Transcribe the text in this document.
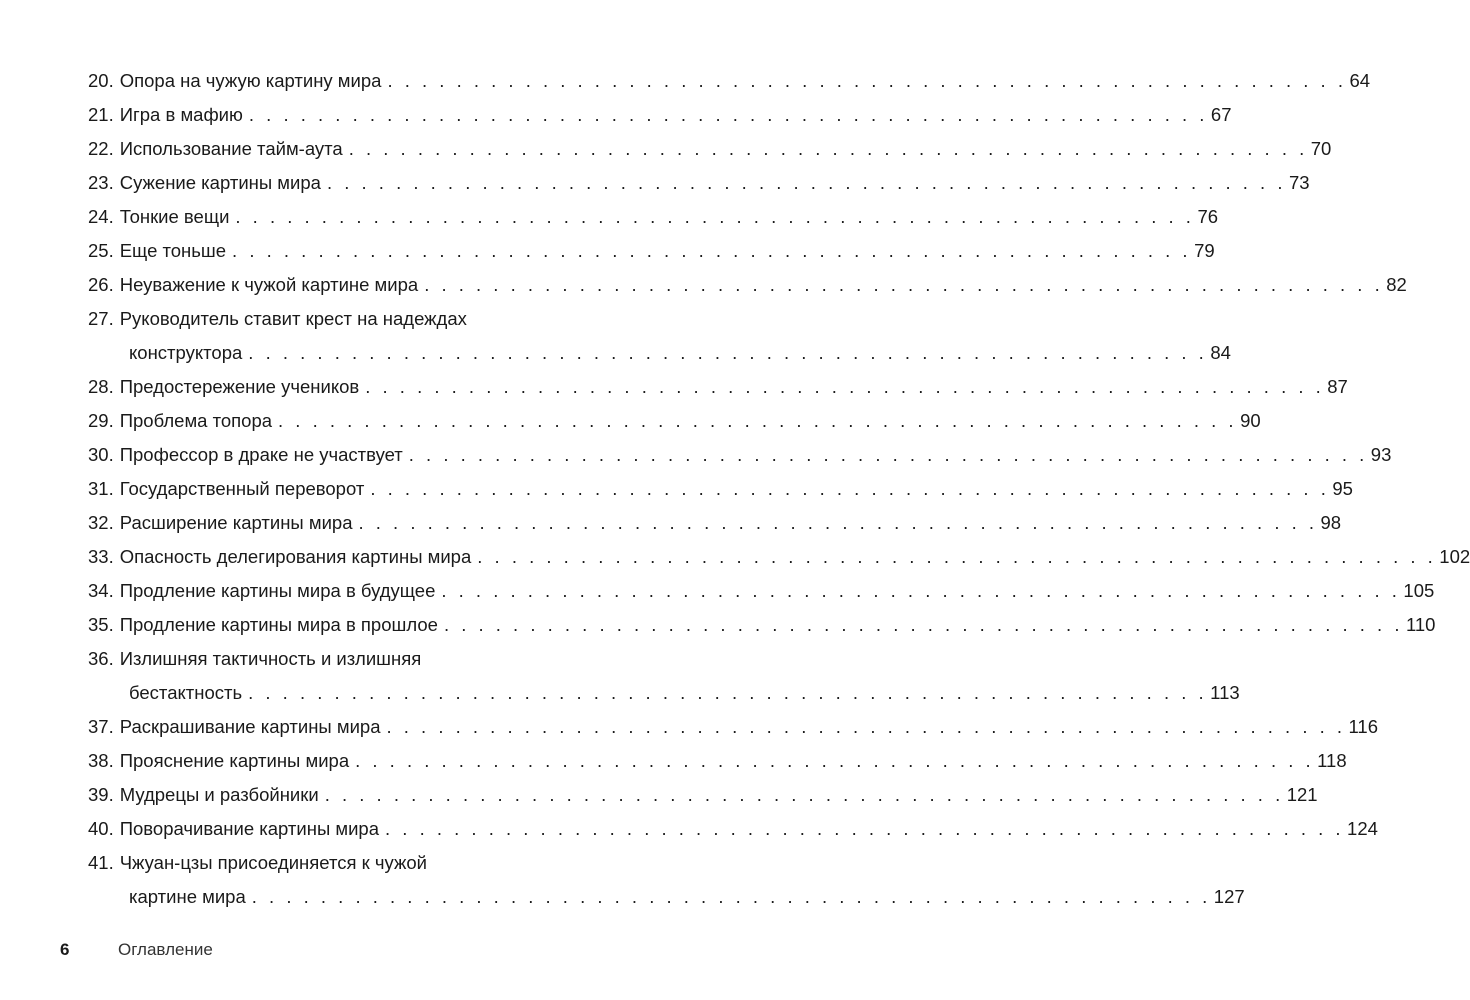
20. Опора на чужую картину мира . . . . . . . . . . . . . . . . . . . . . . . . . . . . . . . . . . . . . . . . . . . . . . . . . . . . . . . . 64
21. Игра в мафию . . . . . . . . . . . . . . . . . . . . . . . . . . . . . . . . . . . . . . . . . . . . . . . . . . . . . . . . 67
22. Использование тайм-аута . . . . . . . . . . . . . . . . . . . . . . . . . . . . . . . . . . . . . . . . . . . . . . . . . . . . . . . . 70
23. Сужение картины мира . . . . . . . . . . . . . . . . . . . . . . . . . . . . . . . . . . . . . . . . . . . . . . . . . . . . . . . . 73
24. Тонкие вещи . . . . . . . . . . . . . . . . . . . . . . . . . . . . . . . . . . . . . . . . . . . . . . . . . . . . . . . . 76
25. Еще тоньше . . . . . . . . . . . . . . . . . . . . . . . . . . . . . . . . . . . . . . . . . . . . . . . . . . . . . . . . 79
26. Неуважение к чужой картине мира . . . . . . . . . . . . . . . . . . . . . . . . . . . . . . . . . . . . . . . . . . . . . . . . . . . . . . . . 82
27. Руководитель ставит крест на надеждах
конструктора . . . . . . . . . . . . . . . . . . . . . . . . . . . . . . . . . . . . . . . . . . . . . . . . . . . . . . . . 84
28. Предостережение учеников . . . . . . . . . . . . . . . . . . . . . . . . . . . . . . . . . . . . . . . . . . . . . . . . . . . . . . . . 87
29. Проблема топора . . . . . . . . . . . . . . . . . . . . . . . . . . . . . . . . . . . . . . . . . . . . . . . . . . . . . . . . 90
30. Профессор в драке не участвует . . . . . . . . . . . . . . . . . . . . . . . . . . . . . . . . . . . . . . . . . . . . . . . . . . . . . . . . 93
31. Государственный переворот . . . . . . . . . . . . . . . . . . . . . . . . . . . . . . . . . . . . . . . . . . . . . . . . . . . . . . . . 95
32. Расширение картины мира . . . . . . . . . . . . . . . . . . . . . . . . . . . . . . . . . . . . . . . . . . . . . . . . . . . . . . . . 98
33. Опасность делегирования картины мира . . . . . . . . . . . . . . . . . . . . . . . . . . . . . . . . . . . . . . . . . . . . . . . . . . . . . . . . 102
34. Продление картины мира в будущее . . . . . . . . . . . . . . . . . . . . . . . . . . . . . . . . . . . . . . . . . . . . . . . . . . . . . . . . 105
35. Продление картины мира в прошлое . . . . . . . . . . . . . . . . . . . . . . . . . . . . . . . . . . . . . . . . . . . . . . . . . . . . . . . . 110
36. Излишняя тактичность и излишняя
бестактность . . . . . . . . . . . . . . . . . . . . . . . . . . . . . . . . . . . . . . . . . . . . . . . . . . . . . . . . 113
37. Раскрашивание картины мира . . . . . . . . . . . . . . . . . . . . . . . . . . . . . . . . . . . . . . . . . . . . . . . . . . . . . . . . 116
38. Прояснение картины мира . . . . . . . . . . . . . . . . . . . . . . . . . . . . . . . . . . . . . . . . . . . . . . . . . . . . . . . . 118
39. Мудрецы и разбойники . . . . . . . . . . . . . . . . . . . . . . . . . . . . . . . . . . . . . . . . . . . . . . . . . . . . . . . . 121
40. Поворачивание картины мира . . . . . . . . . . . . . . . . . . . . . . . . . . . . . . . . . . . . . . . . . . . . . . . . . . . . . . . . 124
41. Чжуан-цзы присоединяется к чужой
картине мира . . . . . . . . . . . . . . . . . . . . . . . . . . . . . . . . . . . . . . . . . . . . . . . . . . . . . . . . 127
6	Оглавление
